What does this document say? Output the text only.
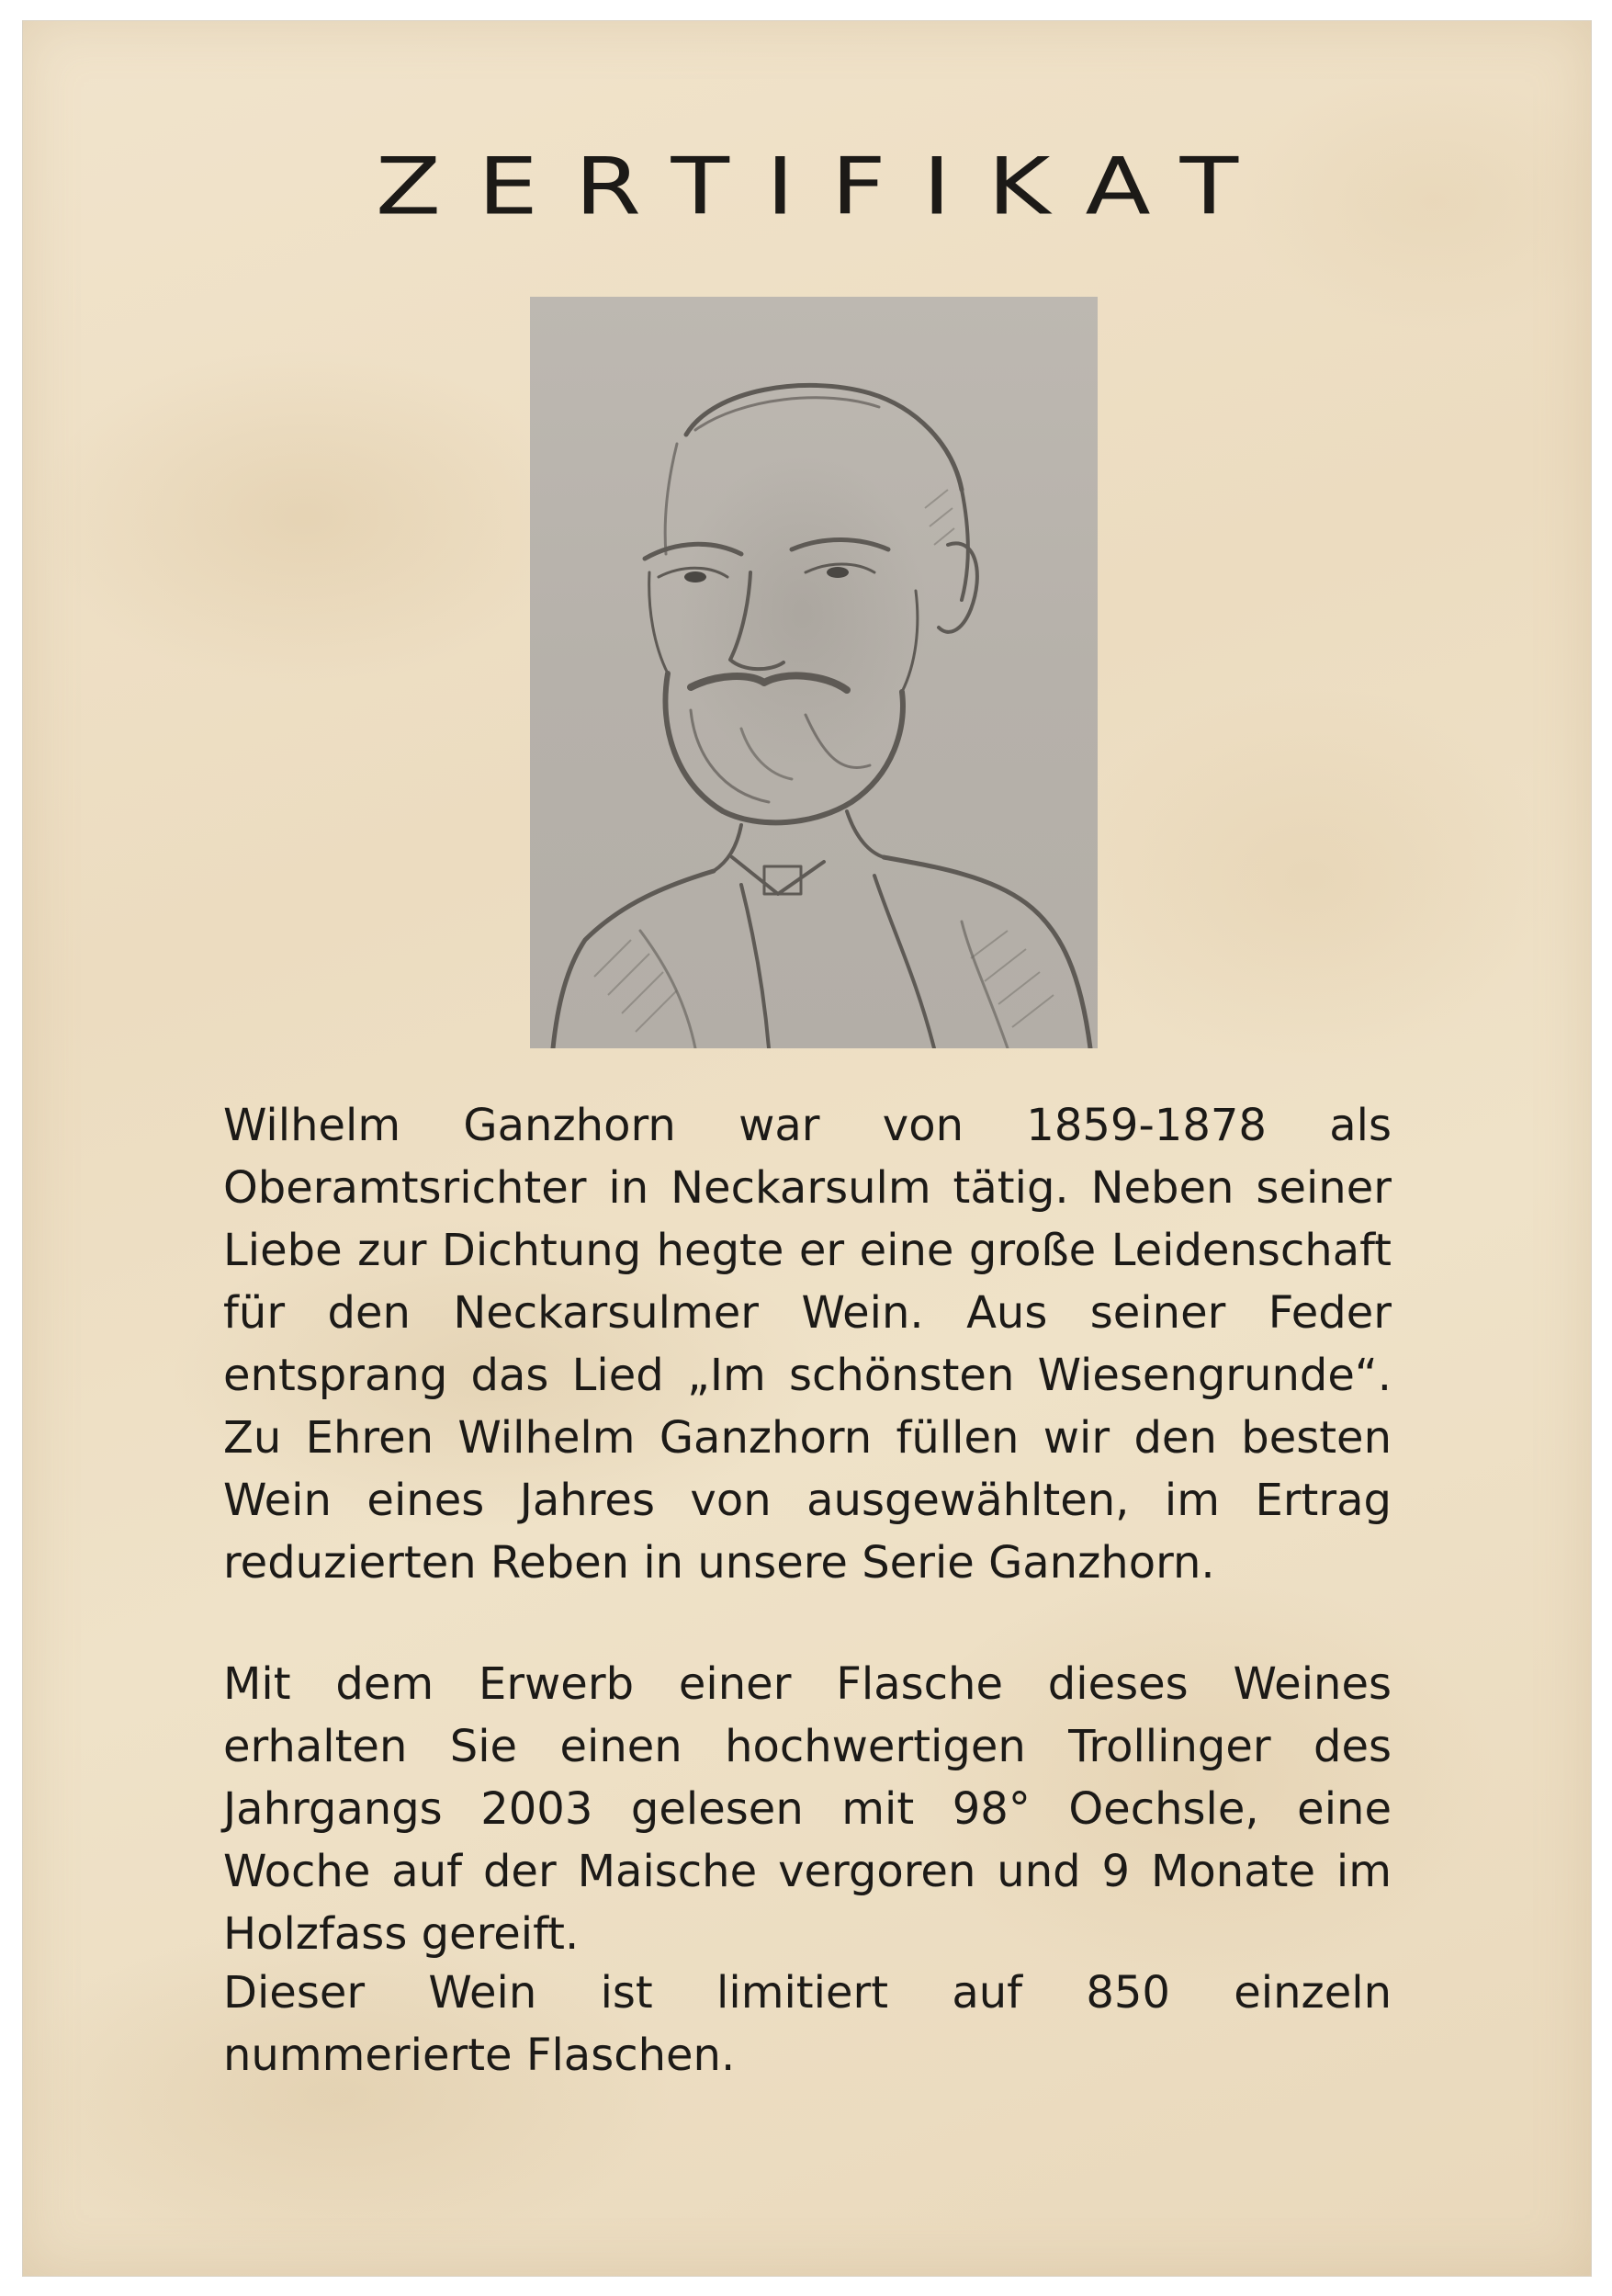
ZERTIFIKAT

Wilhelm Ganzhorn war von 1859-1878 als Oberamtsrichter in Neckarsulm tätig. Neben seiner Liebe zur Dichtung hegte er eine große Leidenschaft für den Neckarsulmer Wein. Aus seiner Feder entsprang das Lied „Im schönsten Wiesengrunde“. Zu Ehren Wilhelm Ganzhorn füllen wir den besten Wein eines Jahres von ausgewählten, im Ertrag reduzierten Reben in unsere Serie Ganzhorn.

Mit dem Erwerb einer Flasche dieses Weines erhalten Sie einen hochwertigen Trollinger des Jahrgangs 2003 gelesen mit 98° Oechsle, eine Woche auf der Maische vergoren und 9 Monate im Holzfass gereift.

Dieser Wein ist limitiert auf 850 einzeln nummerierte Flaschen.
